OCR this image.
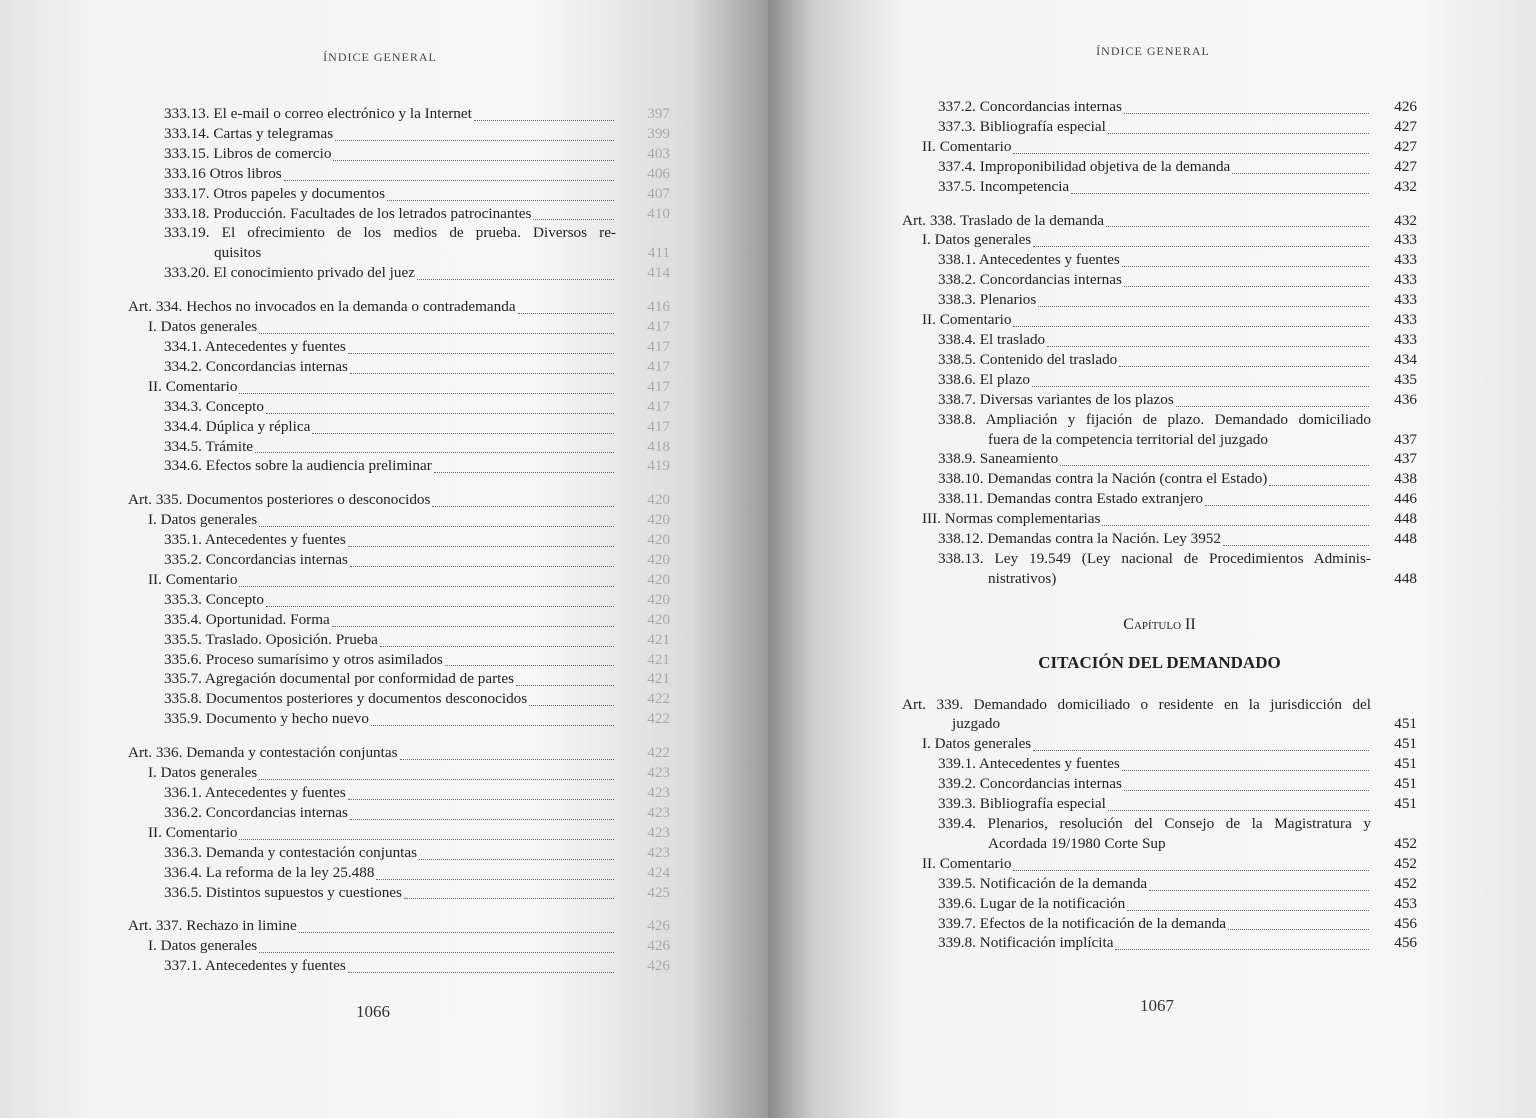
ÍNDICE GENERAL
333.13. El e-mail o correo electrónico y la Internet	397
333.14. Cartas y telegramas	399
333.15. Libros de comercio	403
333.16 Otros libros	406
333.17. Otros papeles y documentos	407
333.18. Producción. Facultades de los letrados patrocinantes	410
333.19. El ofrecimiento de los medios de prueba. Diversos re-
quisitos	411
333.20. El conocimiento privado del juez	414
Art. 334. Hechos no invocados en la demanda o contrademanda	416
I. Datos generales	417
334.1. Antecedentes y fuentes	417
334.2. Concordancias internas	417
II. Comentario	417
334.3. Concepto	417
334.4. Dúplica y réplica	417
334.5. Trámite	418
334.6. Efectos sobre la audiencia preliminar	419
Art. 335. Documentos posteriores o desconocidos	420
I. Datos generales	420
335.1. Antecedentes y fuentes	420
335.2. Concordancias internas	420
II. Comentario	420
335.3. Concepto	420
335.4. Oportunidad. Forma	420
335.5. Traslado. Oposición. Prueba	421
335.6. Proceso sumarísimo y otros asimilados	421
335.7. Agregación documental por conformidad de partes	421
335.8. Documentos posteriores y documentos desconocidos	422
335.9. Documento y hecho nuevo	422
Art. 336. Demanda y contestación conjuntas	422
I. Datos generales	423
336.1. Antecedentes y fuentes	423
336.2. Concordancias internas	423
II. Comentario	423
336.3. Demanda y contestación conjuntas	423
336.4. La reforma de la ley 25.488	424
336.5. Distintos supuestos y cuestiones	425
Art. 337. Rechazo in limine	426
I. Datos generales	426
337.1. Antecedentes y fuentes	426
1066
ÍNDICE GENERAL
337.2. Concordancias internas	426
337.3. Bibliografía especial	427
II. Comentario	427
337.4. Improponibilidad objetiva de la demanda	427
337.5. Incompetencia	432
Art. 338. Traslado de la demanda	432
I. Datos generales	433
338.1. Antecedentes y fuentes	433
338.2. Concordancias internas	433
338.3. Plenarios	433
II. Comentario	433
338.4. El traslado	433
338.5. Contenido del traslado	434
338.6. El plazo	435
338.7. Diversas variantes de los plazos	436
338.8. Ampliación y fijación de plazo. Demandado domiciliado
fuera de la competencia territorial del juzgado	437
338.9. Saneamiento	437
338.10. Demandas contra la Nación (contra el Estado)	438
338.11. Demandas contra Estado extranjero	446
III. Normas complementarias	448
338.12. Demandas contra la Nación. Ley 3952	448
338.13. Ley 19.549 (Ley nacional de Procedimientos Adminis-
nistrativos)	448
Capítulo II
CITACIÓN DEL DEMANDADO
Art. 339. Demandado domiciliado o residente en la jurisdicción del
juzgado	451
I. Datos generales	451
339.1. Antecedentes y fuentes	451
339.2. Concordancias internas	451
339.3. Bibliografía especial	451
339.4. Plenarios, resolución del Consejo de la Magistratura y
Acordada 19/1980 Corte Sup	452
II. Comentario	452
339.5. Notificación de la demanda	452
339.6. Lugar de la notificación	453
339.7. Efectos de la notificación de la demanda	456
339.8. Notificación implícita	456
1067
